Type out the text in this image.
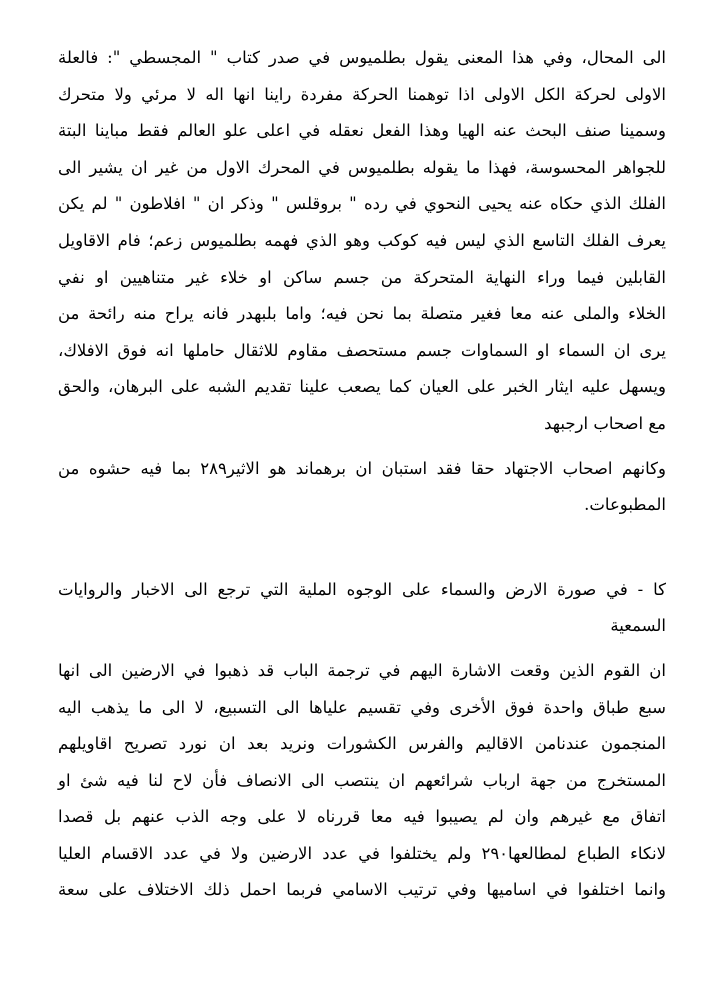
الى المحال، وفي هذا المعنى يقول بطلميوس في صدر كتاب " المجسطي ": فالعلة
الاولى لحركة الكل الاولى اذا توهمنا الحركة مفردة راينا انها اله لا مرئي ولا متحرك
وسمينا صنف البحث عنه الهيا وهذا الفعل نعقله في اعلى علو العالم فقط مباينا البتة
للجواهر المحسوسة، فهذا ما يقوله بطلميوس في المحرك الاول من غير ان يشير الى
الفلك الذي حكاه عنه يحيى النحوي في رده " بروقلس " وذكر ان " افلاطون " لم يكن
يعرف الفلك التاسع الذي ليس فيه كوكب وهو الذي فهمه بطلميوس زعم؛ فام الاقاويل
القابلين فيما وراء النهاية المتحركة من جسم ساكن او خلاء غير متناهيين او نفي
الخلاء والملى عنه معا فغير متصلة بما نحن فيه؛ واما بلبهدر فانه يراح منه رائحة من
يرى ان السماء او السماوات جسم مستحصف مقاوم للاثقال حاملها انه فوق الافلاك،
ويسهل عليه ايثار الخبر على العيان كما يصعب علينا تقديم الشبه على البرهان، والحق
مع اصحاب ارجبهد
وكانهم اصحاب الاجتهاد حقا فقد استبان ان برهماند هو الاثير٢٨٩ بما فيه حشوه من
المطبوعات.
كا - في صورة الارض والسماء على الوجوه الملية التي ترجع الى الاخبار والروايات
السمعية
ان القوم الذين وقعت الاشارة اليهم في ترجمة الباب قد ذهبوا في الارضين الى انها
سبع طباق واحدة فوق الأخرى وفي تقسيم علياها الى التسبيع، لا الى ما يذهب اليه
المنجمون عندنامن الاقاليم والفرس الكشورات ونريد بعد ان نورد تصريح اقاويلهم
المستخرج من جهة ارباب شرائعهم ان ينتصب الى الانصاف فأن لاح لنا فيه شئ او
اتفاق مع غيرهم وان لم يصيبوا فيه معا قررناه لا على وجه الذب عنهم بل قصدا
لانكاء الطباع لمطالعها٢٩٠ ولم يختلفوا في عدد الارضين ولا في عدد الاقسام العليا
وانما اختلفوا في اساميها وفي ترتيب الاسامي فربما احمل ذلك الاختلاف على سعة
